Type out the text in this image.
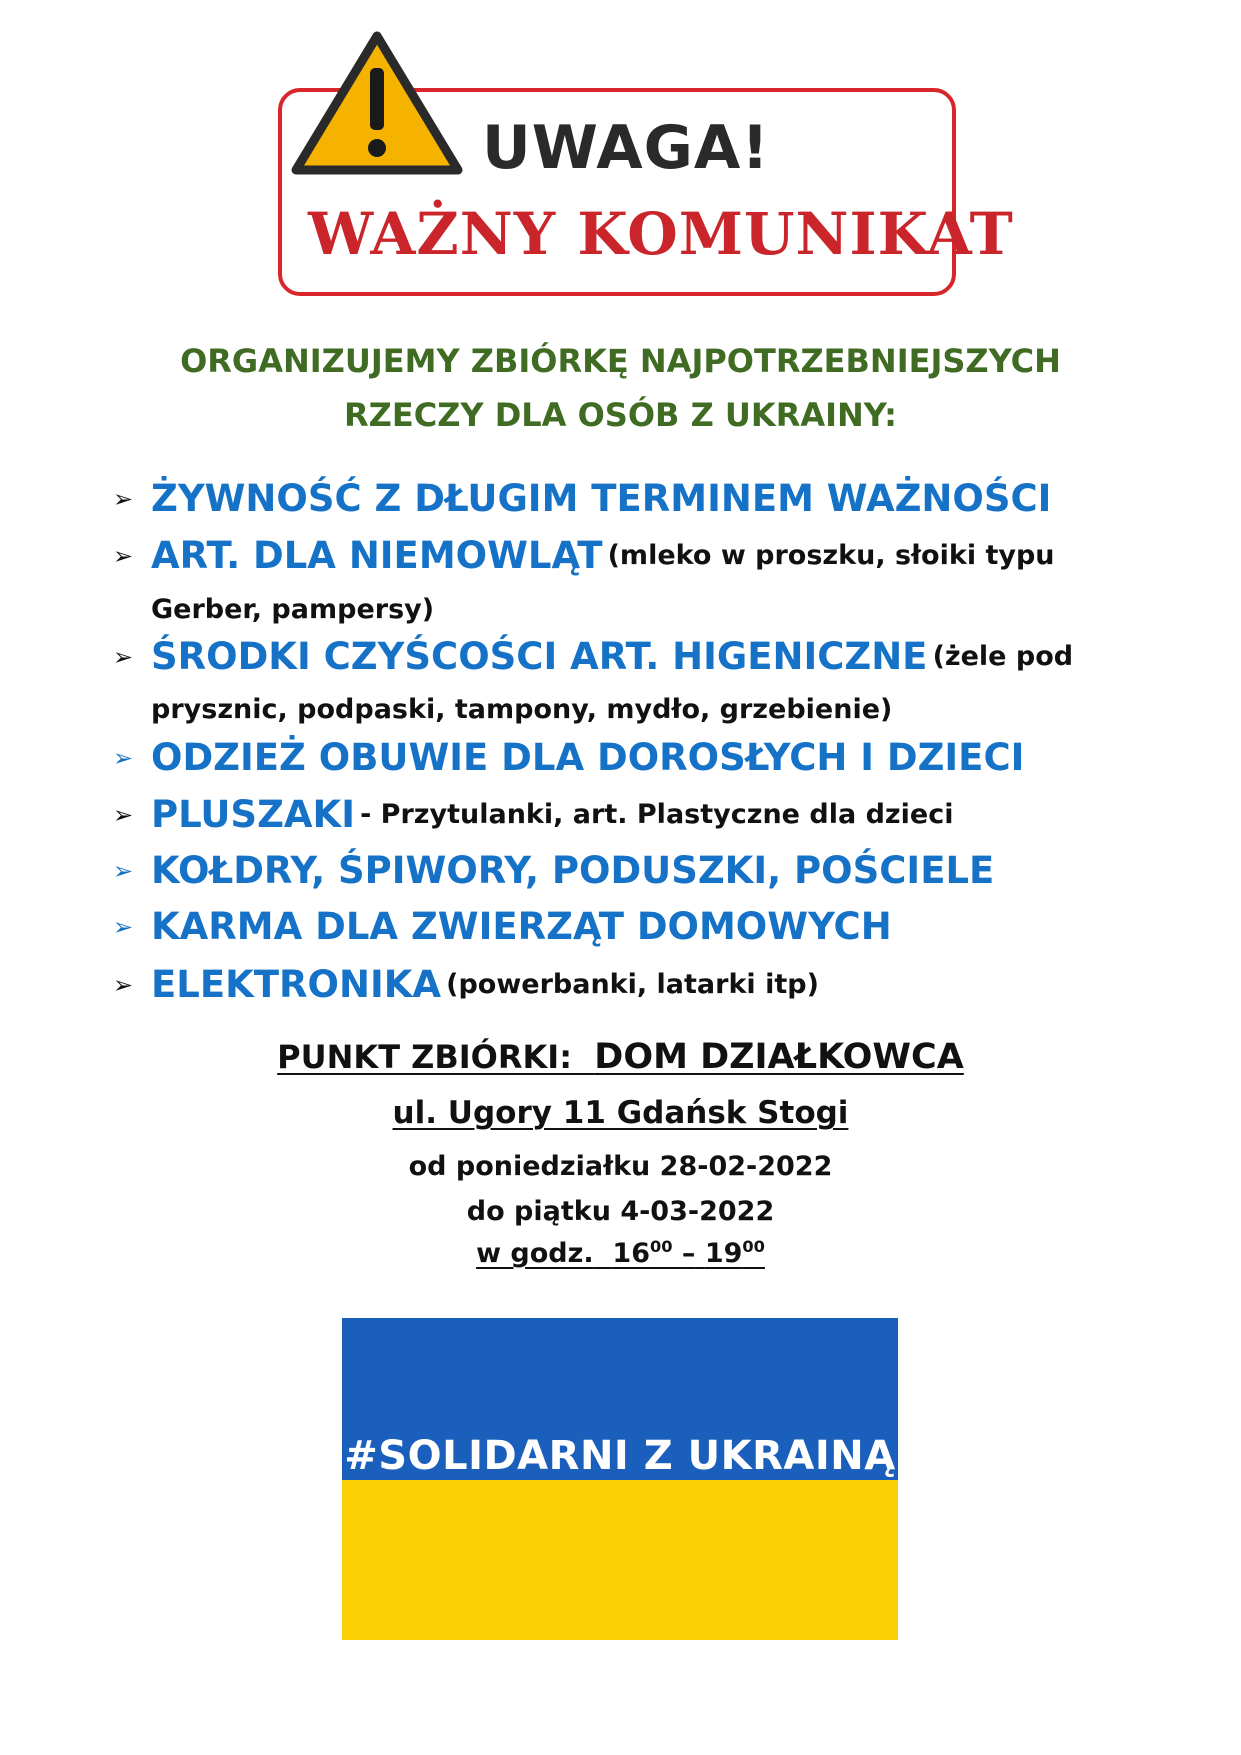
UWAGA!
WAŻNY KOMUNIKAT
ORGANIZUJEMY ZBIÓRKĘ NAJPOTRZEBNIEJSZYCH
RZECZY DLA OSÓB Z UKRAINY:
➢ ŻYWNOŚĆ Z DŁUGIM TERMINEM WAŻNOŚCI
➢ ART. DLA NIEMOWLĄT (mleko w proszku, słoiki typu
Gerber, pampersy)
➢ ŚRODKI CZYŚCOŚCI ART. HIGENICZNE (żele pod
prysznic, podpaski, tampony, mydło, grzebienie)
➢ ODZIEŻ OBUWIE DLA DOROSŁYCH I DZIECI
➢ PLUSZAKI - Przytulanki, art. Plastyczne dla dzieci
➢ KOŁDRY, ŚPIWORY, PODUSZKI, POŚCIELE
➢ KARMA DLA ZWIERZĄT DOMOWYCH
➢ ELEKTRONIKA (powerbanki, latarki itp)
PUNKT ZBIÓRKI: DOM DZIAŁKOWCA
ul. Ugory 11 Gdańsk Stogi
od poniedziałku 28-02-2022
do piątku 4-03-2022
w godz. $16^{00} - 19^{00}$
#SOLIDARNI Z UKRAINĄ
